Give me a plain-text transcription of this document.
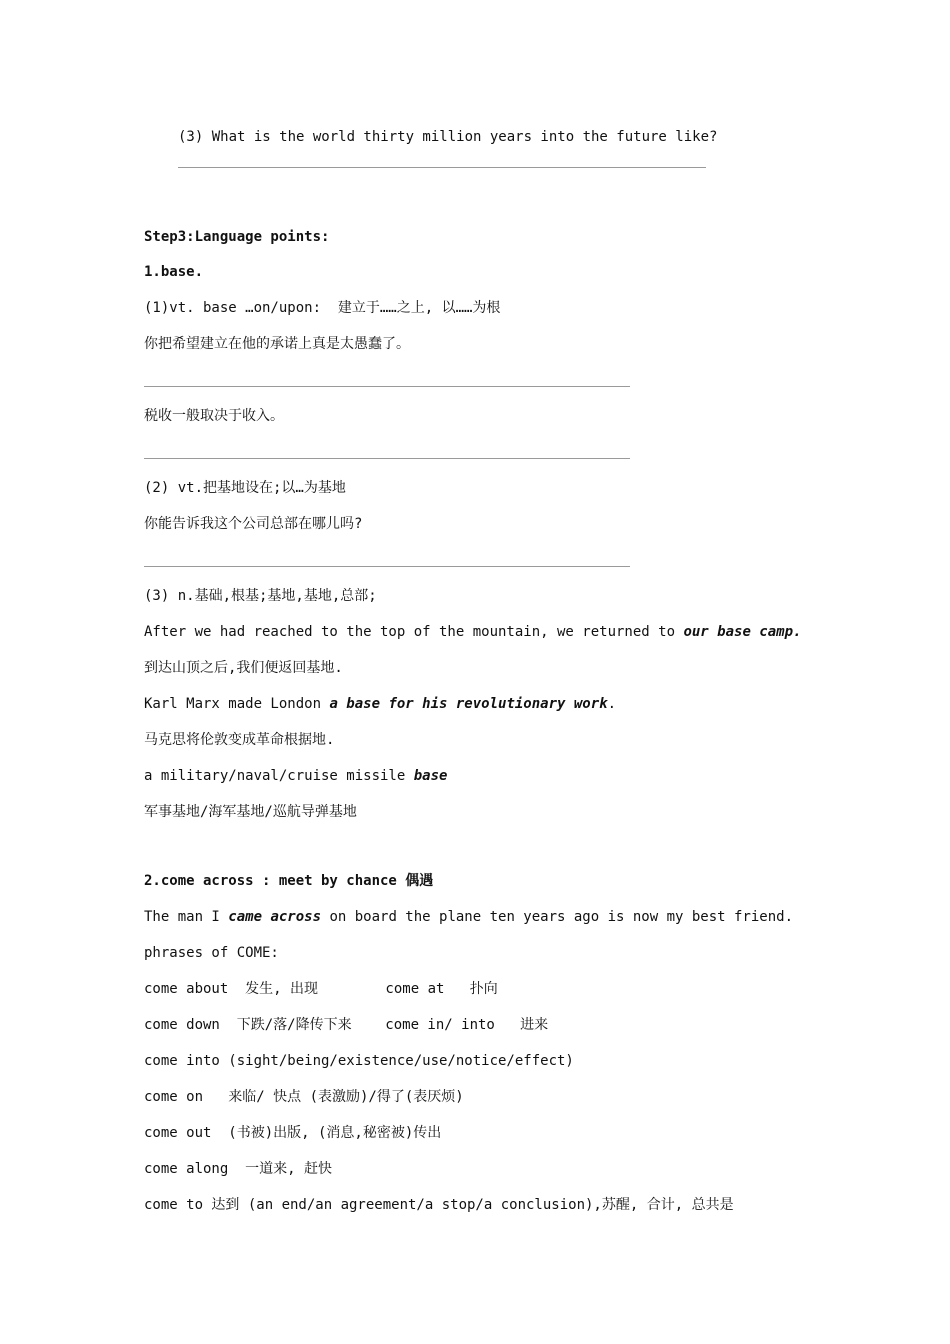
(3) What is the world thirty million years into the future like?
Step3:Language points:
1.base.
(1)vt. base …on/upon:  建立于……之上, 以……为根
你把希望建立在他的承诺上真是太愚蠢了。
税收一般取决于收入。
(2) vt.把基地设在;以…为基地
你能告诉我这个公司总部在哪儿吗?
(3) n.基础,根基;基地,基地,总部;
After we had reached to the top of the mountain, we returned to our base camp.
到达山顶之后,我们便返回基地.
Karl Marx made London a base for his revolutionary work.
马克思将伦敦变成革命根据地.
a military/naval/cruise missile base
军事基地/海军基地/巡航导弹基地
2.come across : meet by chance 偶遇
The man I came across on board the plane ten years ago is now my best friend.
phrases of COME:
come about  发生, 出现        come at   扑向
come down  下跌/落/降传下来    come in/ into   进来
come into (sight/being/existence/use/notice/effect)
come on   来临/ 快点 (表激励)/得了(表厌烦)
come out  (书被)出版, (消息,秘密被)传出
come along  一道来, 赶快
come to 达到 (an end/an agreement/a stop/a conclusion),苏醒, 合计, 总共是
